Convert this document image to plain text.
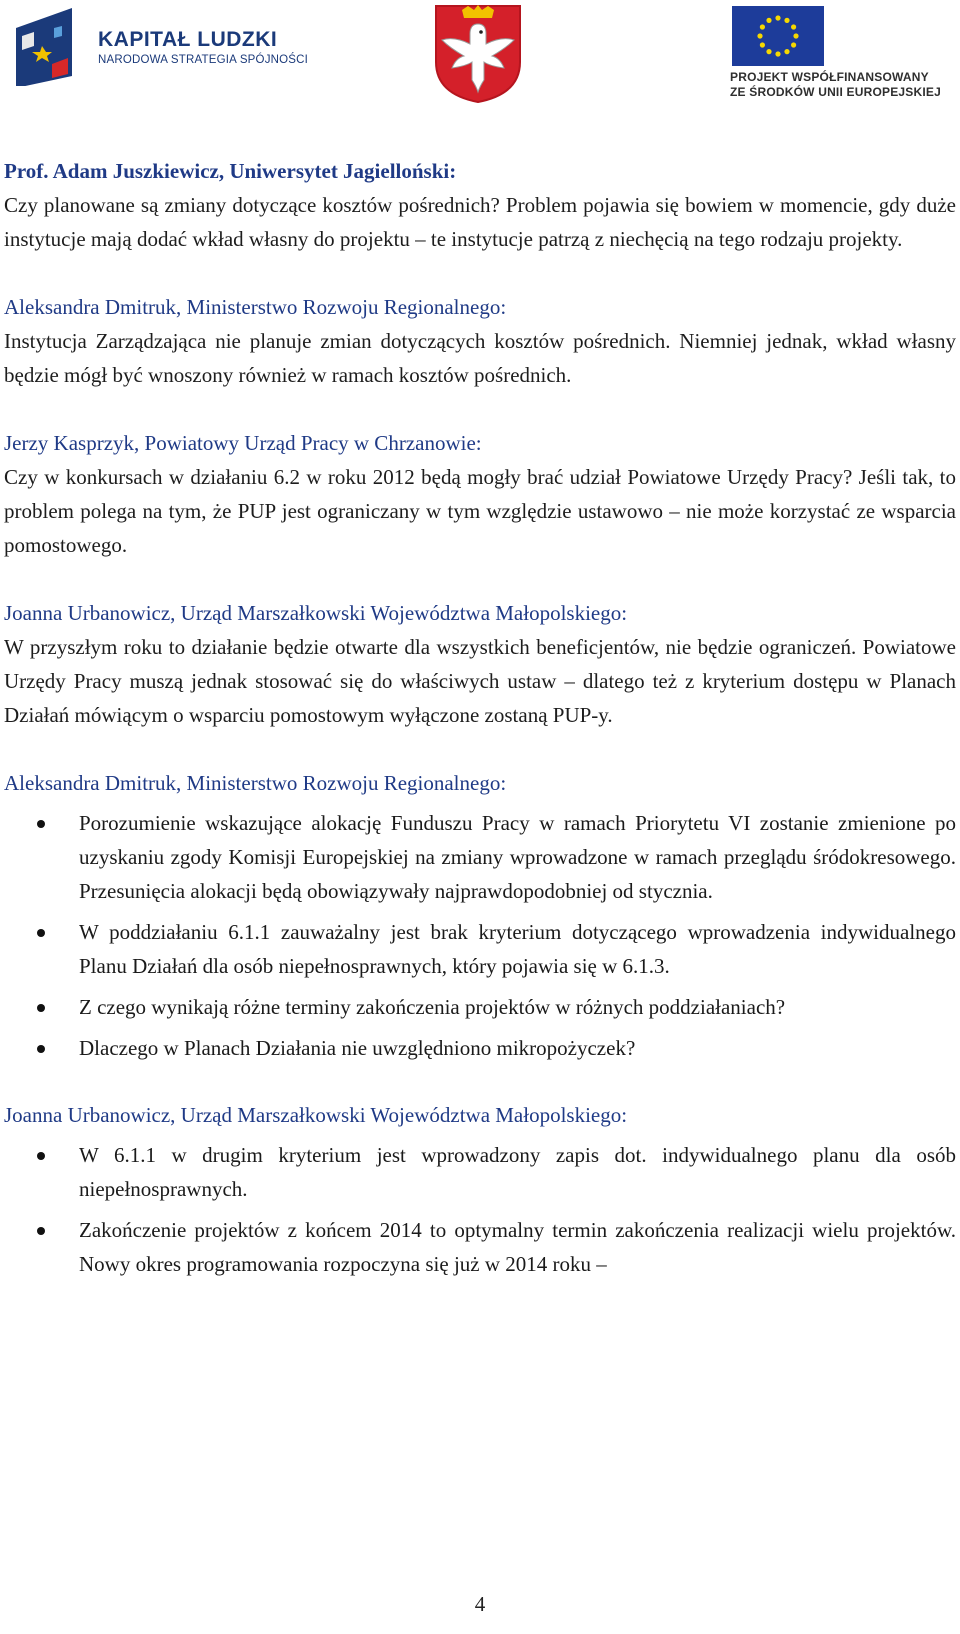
KAPITAŁ LUDZKI
NARODOWA STRATEGIA SPÓJNOŚCI
PROJEKT WSPÓŁFINANSOWANY
ZE ŚRODKÓW UNII EUROPEJSKIEJ

Prof. Adam Juszkiewicz, Uniwersytet Jagielloński:

Czy planowane są zmiany dotyczące kosztów pośrednich? Problem pojawia się bowiem w momencie, gdy duże instytucje mają dodać wkład własny do projektu – te instytucje patrzą z niechęcią na tego rodzaju projekty.

Aleksandra Dmitruk, Ministerstwo Rozwoju Regionalnego:

Instytucja Zarządzająca nie planuje zmian dotyczących kosztów pośrednich. Niemniej jednak, wkład własny będzie mógł być wnoszony również w ramach kosztów pośrednich.

Jerzy Kasprzyk, Powiatowy Urząd Pracy w Chrzanowie:

Czy w konkursach w działaniu 6.2 w roku 2012 będą mogły brać udział Powiatowe Urzędy Pracy? Jeśli tak, to problem polega na tym, że PUP jest ograniczany w tym względzie ustawowo – nie może korzystać ze wsparcia pomostowego.

Joanna Urbanowicz, Urząd Marszałkowski Województwa Małopolskiego:

W przyszłym roku to działanie będzie otwarte dla wszystkich beneficjentów, nie będzie ograniczeń. Powiatowe Urzędy Pracy muszą jednak stosować się do właściwych ustaw – dlatego też z kryterium dostępu w Planach Działań mówiącym o wsparciu pomostowym wyłączone zostaną PUP-y.

Aleksandra Dmitruk, Ministerstwo Rozwoju Regionalnego:

Porozumienie wskazujące alokację Funduszu Pracy w ramach Priorytetu VI zostanie zmienione po uzyskaniu zgody Komisji Europejskiej na zmiany wprowadzone w ramach przeglądu śródokresowego. Przesunięcia alokacji będą obowiązywały najprawdopodobniej od stycznia.
W poddziałaniu 6.1.1 zauważalny jest brak kryterium dotyczącego wprowadzenia indywidualnego Planu Działań dla osób niepełnosprawnych, który pojawia się w 6.1.3.
Z czego wynikają różne terminy zakończenia projektów w różnych poddziałaniach?
Dlaczego w Planach Działania nie uwzględniono mikropożyczek?

Joanna Urbanowicz, Urząd Marszałkowski Województwa Małopolskiego:

W 6.1.1 w drugim kryterium jest wprowadzony zapis dot. indywidualnego planu dla osób niepełnosprawnych.
Zakończenie projektów z końcem 2014 to optymalny termin zakończenia realizacji wielu projektów. Nowy okres programowania rozpoczyna się już w 2014 roku –
4
